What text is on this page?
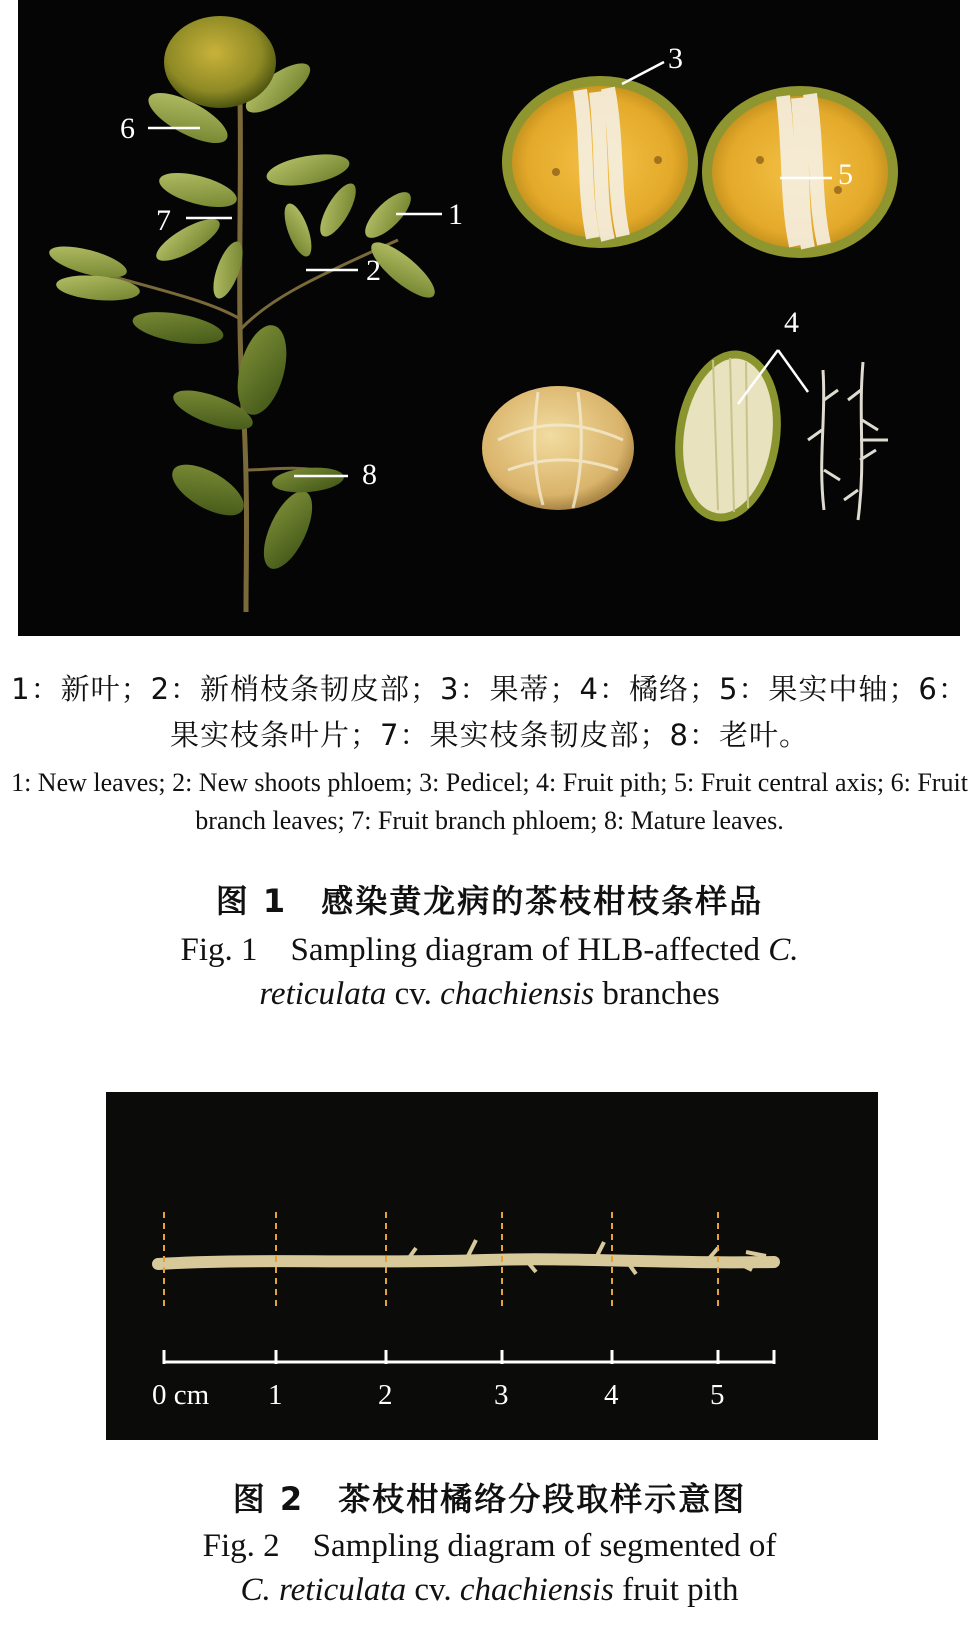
1
2
3
4
5
6
7
8

1：新叶；2：新梢枝条韧皮部；3：果蒂；4：橘络；5：果实中轴；6：果实枝条叶片；7：果实枝条韧皮部；8：老叶。

1: New leaves; 2: New shoots phloem; 3: Pedicel; 4: Fruit pith; 5: Fruit central axis; 6: Fruit branch leaves; 7: Fruit branch phloem; 8: Mature leaves.

图 1　感染黄龙病的茶枝柑枝条样品

Fig. 1　Sampling diagram of HLB-affected C.
reticulata cv. chachiensis branches

0 cm 1	2	3	4	5

图 2　茶枝柑橘络分段取样示意图

Fig. 2　Sampling diagram of segmented of
C. reticulata cv. chachiensis fruit pith
